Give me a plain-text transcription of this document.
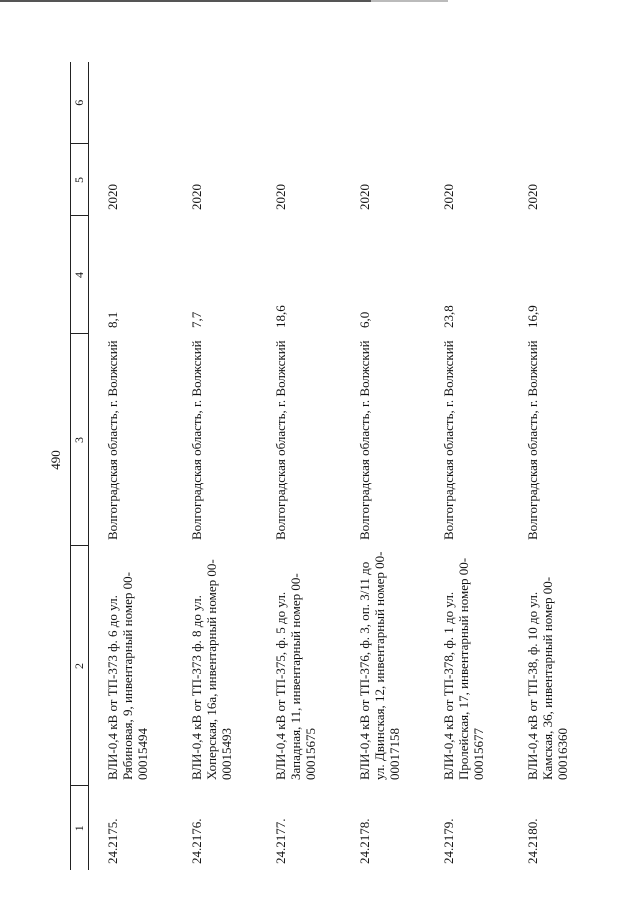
490
1	2	3	4	5	6
24.2175.	ВЛИ-0,4 кВ от ТП-373 ф. 6 до ул. Рябиновая, 9, инвентарный номер 00-00015494	Волгоградская область, г. Волжский	8,1	2020	
24.2176.	ВЛИ-0,4 кВ от ТП-373 ф. 8 до ул. Хоперская, 16а, инвентарный номер 00-00015493	Волгоградская область, г. Волжский	7,7	2020	
24.2177.	ВЛИ-0,4 кВ от ТП-375, ф. 5 до ул. Западная, 11, инвентарный номер 00-00015675	Волгоградская область, г. Волжский	18,6	2020	
24.2178.	ВЛИ-0,4 кВ от ТП-376, ф. 3, оп. 3/11 до ул. Двинская, 12, инвентарный номер 00-00017158	Волгоградская область, г. Волжский	6,0	2020	
24.2179.	ВЛИ-0,4 кВ от ТП-378, ф. 1 до ул. Пролейская, 17, инвентарный номер 00-00015677	Волгоградская область, г. Волжский	23,8	2020	
24.2180.	ВЛИ-0,4 кВ от ТП-38, ф. 10 до ул. Камская, 36, инвентарный номер 00-00016360	Волгоградская область, г. Волжский	16,9	2020	
